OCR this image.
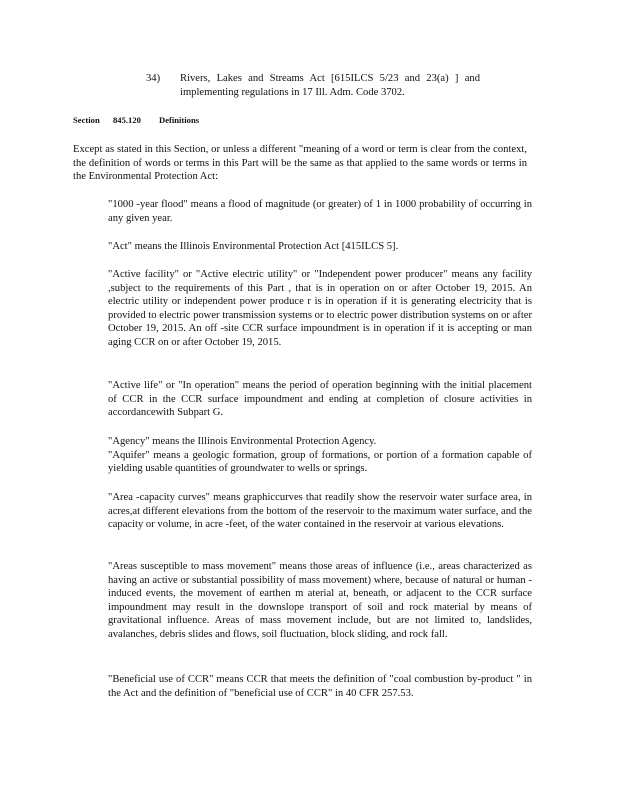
34) Rivers, Lakes and Streams Act [615ILCS 5/23 and 23(a) ] and implementing regulations in 17 Ill. Adm. Code 3702.
Section 845.120 Definitions
Except as stated in this Section, or unless a different "meaning of a word or term is clear from the context, the definition of words or terms in this Part will be the same as that applied to the same words or terms in the Environmental Protection Act:
"1000 -year flood" means a flood of magnitude (or greater) of 1 in 1000 probability of occurring in any given year.
"Act" means the Illinois Environmental Protection Act [415ILCS 5].
"Active facility" or "Active electric utility" or "Independent power producer" means any facility ,subject to the requirements of this Part , that is in operation on or after October 19, 2015. An electric utility or independent power produce r is in operation if it is generating electricity that is provided to electric power transmission systems or to electric power distribution systems on or after October 19, 2015. An off -site CCR surface impoundment is in operation if it is accepting or man aging CCR on or after October 19, 2015.
"Active life" or "In operation" means the period of operation beginning with the initial placement of CCR in the CCR surface impoundment and ending at completion of closure activities in accordancewith Subpart G.

"Agency" means the Illinois Environmental Protection Agency.

"Aquifer" means a geologic formation, group of formations, or portion of a formation capable of yielding usable quantities of groundwater to wells or springs.

"Area -capacity curves" means graphiccurves that readily show the reservoir water surface area, in acres,at different elevations from the bottom of the reservoir to the maximum water surface, and the capacity or volume, in acre -feet, of the water contained in the reservoir at various elevations.
"Areas susceptible to mass movement" means those areas of influence (i.e., areas characterized as having an active or substantial possibility of mass movement) where, because of natural or human -induced events, the movement of earthen m aterial at, beneath, or adjacent to the CCR surface impoundment may result in the downslope transport of soil and rock material by means of gravitational influence. Areas of mass movement include, but are not limited to, landslides, avalanches, debris slides and flows, soil fluctuation, block sliding, and rock fall.
"Beneficial use of CCR" means CCR that meets the definition of "coal combustion by-product " in the Act and the definition of "beneficial use of CCR" in 40 CFR 257.53.
